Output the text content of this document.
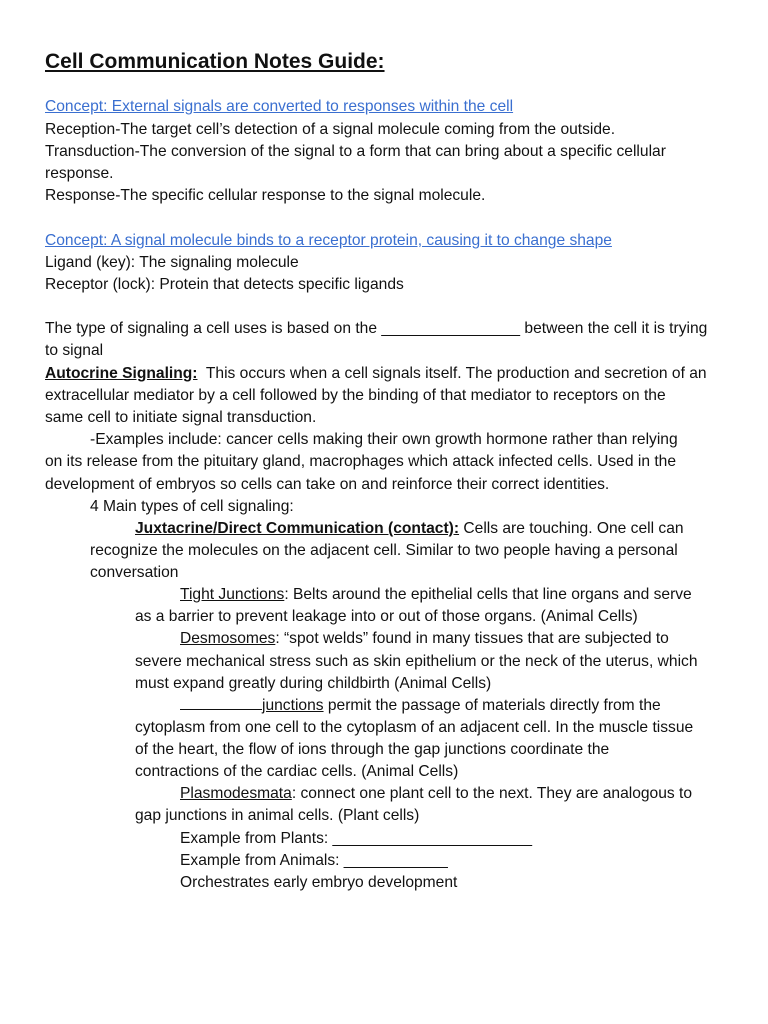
Cell Communication Notes Guide:
Concept: External signals are converted to responses within the cell
Reception-The target cell’s detection of a signal molecule coming from the outside.
Transduction-The conversion of the signal to a form that can bring about a specific cellular
response.
Response-The specific cellular response to the signal molecule.
Concept: A signal molecule binds to a receptor protein, causing it to change shape
Ligand (key): The signaling molecule
Receptor (lock): Protein that detects specific ligands
The type of signaling a cell uses is based on the ________________ between the cell it is trying
to signal
Autocrine Signaling:  This occurs when a cell signals itself. The production and secretion of an
extracellular mediator by a cell followed by the binding of that mediator to receptors on the
same cell to initiate signal transduction.
-Examples include: cancer cells making their own growth hormone rather than relying
on its release from the pituitary gland, macrophages which attack infected cells. Used in the
development of embryos so cells can take on and reinforce their correct identities.
4 Main types of cell signaling:
Juxtacrine/Direct Communication (contact): Cells are touching. One cell can
recognize the molecules on the adjacent cell. Similar to two people having a personal
conversation
Tight Junctions: Belts around the epithelial cells that line organs and serve
as a barrier to prevent leakage into or out of those organs. (Animal Cells)
Desmosomes: “spot welds” found in many tissues that are subjected to
severe mechanical stress such as skin epithelium or the neck of the uterus, which
must expand greatly during childbirth (Animal Cells)
junctions permit the passage of materials directly from the
cytoplasm from one cell to the cytoplasm of an adjacent cell. In the muscle tissue
of the heart, the flow of ions through the gap junctions coordinate the
contractions of the cardiac cells. (Animal Cells)
Plasmodesmata: connect one plant cell to the next. They are analogous to
gap junctions in animal cells. (Plant cells)
Example from Plants: _______________________
Example from Animals: ____________
Orchestrates early embryo development
